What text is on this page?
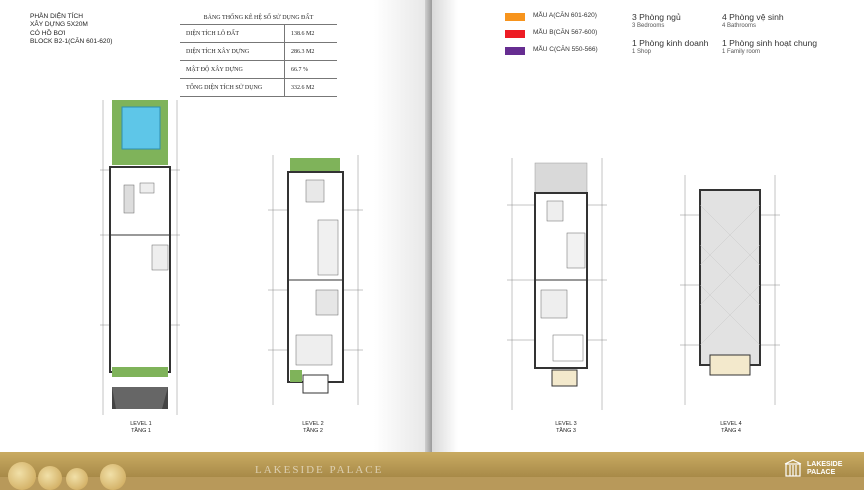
PHẦN DIỆN TÍCH
XÂY DỰNG 5X20M
CÓ HỒ BƠI
BLOCK B2-1(CĂN 601-620)
BẢNG THỐNG KÊ HỆ SỐ SỬ DỤNG ĐẤT	
DIỆN TÍCH LÔ ĐẤT	138.6 M2
DIỆN TÍCH XÂY DỰNG	286.3 M2
MẬT ĐỘ XÂY DỰNG	66.7 %
TỔNG DIỆN TÍCH SỬ DỤNG	332.6 M2
LEVEL 1
TẦNG 1
LEVEL 2
TẦNG 2
MẪU A(CĂN 601-620)
MẪU B(CĂN 567-600)
MẪU C(CĂN 550-566)
3 Phòng ngủ
3 Bedrooms
4 Phòng vệ sinh
4 Bathrooms
1 Phòng kinh doanh
1 Shop
1 Phòng sinh hoạt chung
1 Family room
LEVEL 3
TẦNG 3
LEVEL 4
TẦNG 4
LAKESIDE PALACE	LAKESIDE
PALACE
